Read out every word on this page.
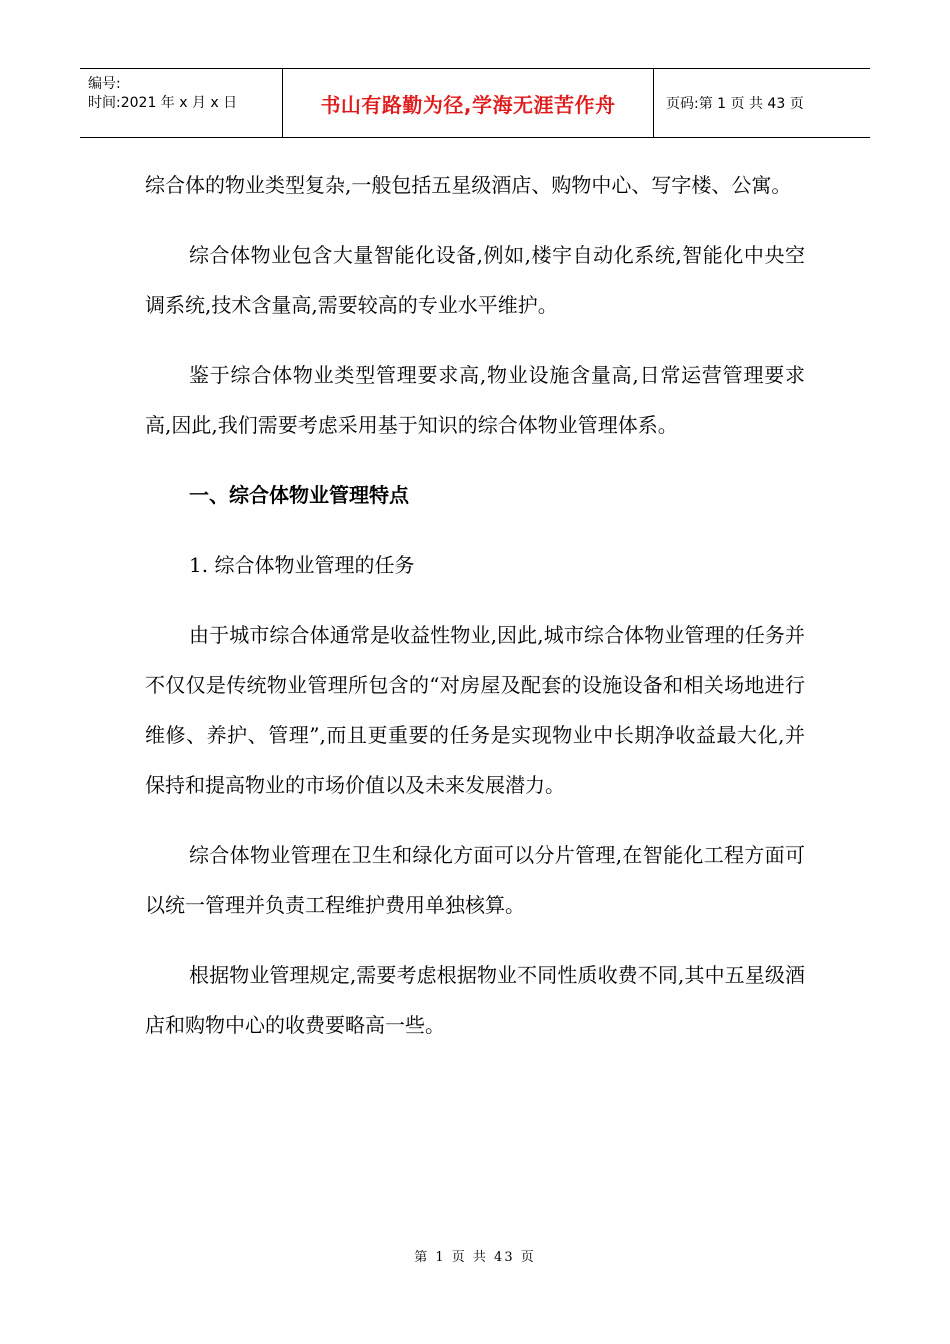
编号:
时间:2021 年 x 月 x 日	书山有路勤为径,学海无涯苦作舟	页码:第 1 页 共 43 页

综合体的物业类型复杂,一般包括五星级酒店、购物中心、写字楼、公寓。

综合体物业包含大量智能化设备,例如,楼宇自动化系统,智能化中央空调系统,技术含量高,需要较高的专业水平维护。

鉴于综合体物业类型管理要求高,物业设施含量高,日常运营管理要求高,因此,我们需要考虑采用基于知识的综合体物业管理体系。

一、综合体物业管理特点

1. 综合体物业管理的任务

由于城市综合体通常是收益性物业,因此,城市综合体物业管理的任务并不仅仅是传统物业管理所包含的“对房屋及配套的设施设备和相关场地进行维修、养护、管理”,而且更重要的任务是实现物业中长期净收益最大化,并保持和提高物业的市场价值以及未来发展潜力。

综合体物业管理在卫生和绿化方面可以分片管理,在智能化工程方面可以统一管理并负责工程维护费用单独核算。

根据物业管理规定,需要考虑根据物业不同性质收费不同,其中五星级酒店和购物中心的收费要略高一些。

第 1 页 共 43 页
